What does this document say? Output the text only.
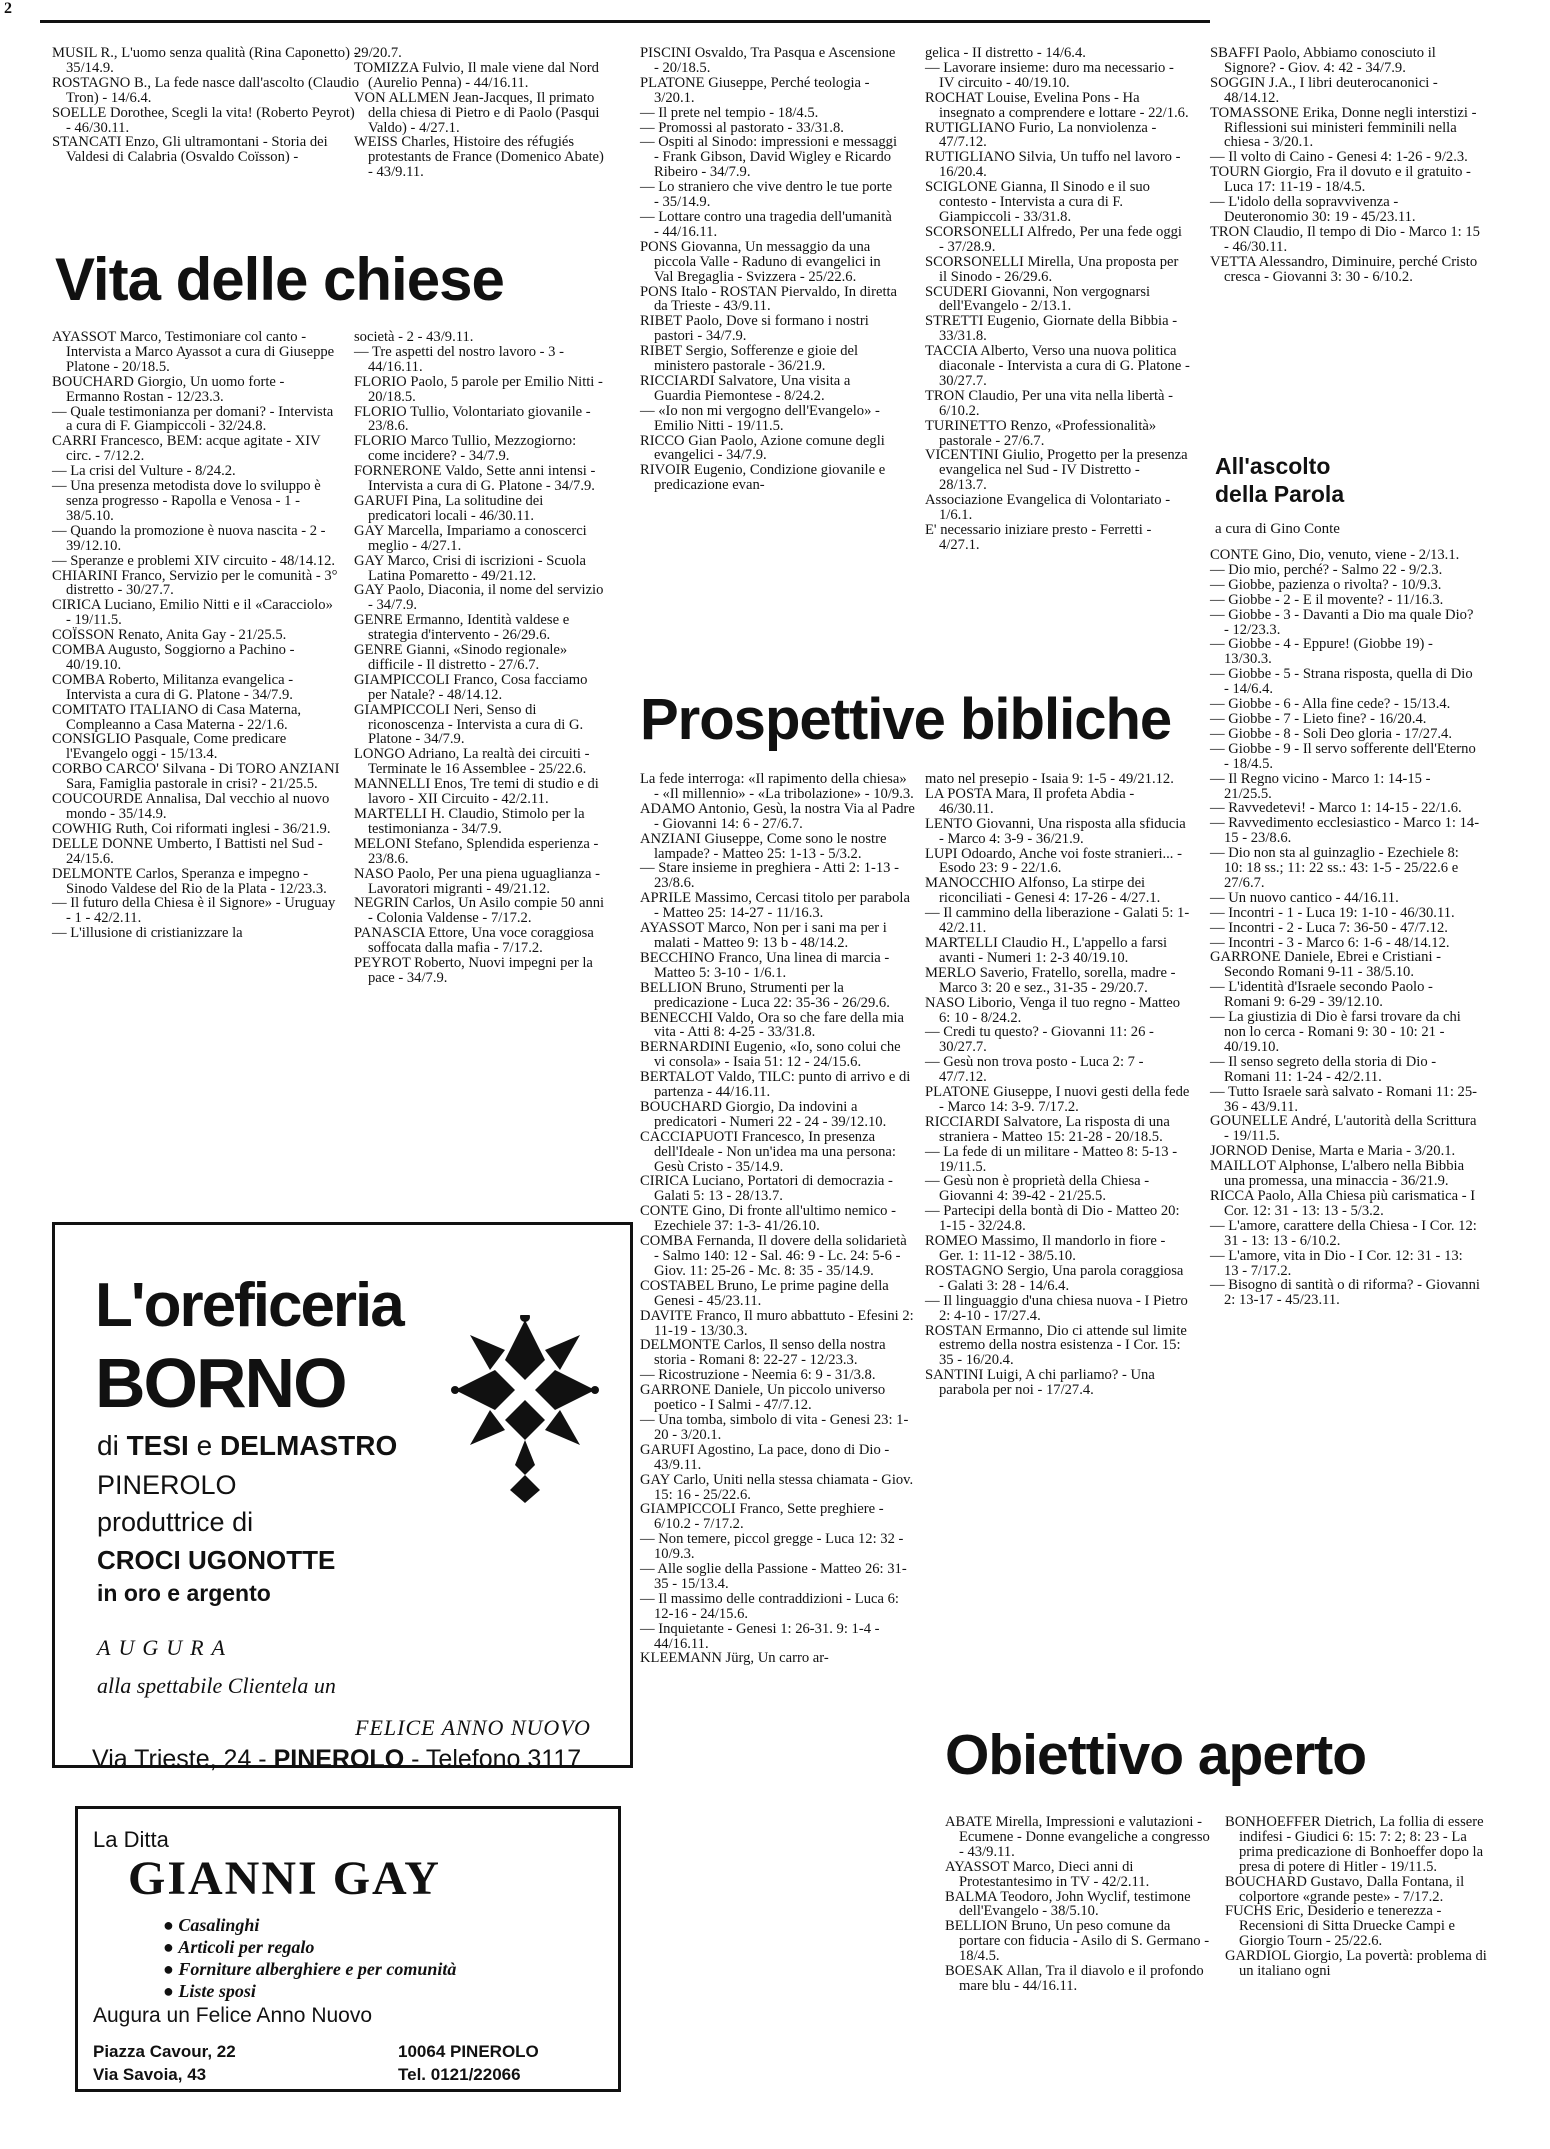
2

MUSIL R., L'uomo senza qualità (Rina Caponetto) - 35/14.9.

ROSTAGNO B., La fede nasce dall'ascolto (Claudio Tron) - 14/6.4.

SOELLE Dorothee, Scegli la vita! (Roberto Peyrot) - 46/30.11.

STANCATI Enzo, Gli ultramontani - Storia dei Valdesi di Calabria (Osvaldo Coïsson) -

29/20.7.

TOMIZZA Fulvio, Il male viene dal Nord (Aurelio Penna) - 44/16.11.

VON ALLMEN Jean-Jacques, Il primato della chiesa di Pietro e di Paolo (Pasqui Valdo) - 4/27.1.

WEISS Charles, Histoire des réfugiés protestants de France (Domenico Abate) - 43/9.11.

Vita delle chiese

AYASSOT Marco, Testimoniare col canto - Intervista a Marco Ayassot a cura di Giuseppe Platone - 20/18.5.

BOUCHARD Giorgio, Un uomo forte - Ermanno Rostan - 12/23.3.

— Quale testimonianza per domani? - Intervista a cura di F. Giampiccoli - 32/24.8.

CARRI Francesco, BEM: acque agitate - XIV circ. - 7/12.2.

— La crisi del Vulture - 8/24.2.

— Una presenza metodista dove lo sviluppo è senza progresso - Rapolla e Venosa - 1 - 38/5.10.

— Quando la promozione è nuova nascita - 2 - 39/12.10.

— Speranze e problemi XIV circuito - 48/14.12.

CHIARINI Franco, Servizio per le comunità - 3° distretto - 30/27.7.

CIRICA Luciano, Emilio Nitti e il «Caracciolo» - 19/11.5.

COÏSSON Renato, Anita Gay - 21/25.5.

COMBA Augusto, Soggiorno a Pachino - 40/19.10.

COMBA Roberto, Militanza evangelica - Intervista a cura di G. Platone - 34/7.9.

COMITATO ITALIANO di Casa Materna, Compleanno a Casa Materna - 22/1.6.

CONSIGLIO Pasquale, Come predicare l'Evangelo oggi - 15/13.4.

CORBO CARCO' Silvana - Di TORO ANZIANI Sara, Famiglia pastorale in crisi? - 21/25.5.

COUCOURDE Annalisa, Dal vecchio al nuovo mondo - 35/14.9.

COWHIG Ruth, Coi riformati inglesi - 36/21.9.

DELLE DONNE Umberto, I Battisti nel Sud - 24/15.6.

DELMONTE Carlos, Speranza e impegno - Sinodo Valdese del Rio de la Plata - 12/23.3.

— Il futuro della Chiesa è il Signore» - Uruguay - 1 - 42/2.11.

— L'illusione di cristianizzare la

società - 2 - 43/9.11.

— Tre aspetti del nostro lavoro - 3 - 44/16.11.

FLORIO Paolo, 5 parole per Emilio Nitti - 20/18.5.

FLORIO Tullio, Volontariato giovanile - 23/8.6.

FLORIO Marco Tullio, Mezzogiorno: come incidere? - 34/7.9.

FORNERONE Valdo, Sette anni intensi - Intervista a cura di G. Platone - 34/7.9.

GARUFI Pina, La solitudine dei predicatori locali - 46/30.11.

GAY Marcella, Impariamo a conoscerci meglio - 4/27.1.

GAY Marco, Crisi di iscrizioni - Scuola Latina Pomaretto - 49/21.12.

GAY Paolo, Diaconia, il nome del servizio - 34/7.9.

GENRE Ermanno, Identità valdese e strategia d'intervento - 26/29.6.

GENRE Gianni, «Sinodo regionale» difficile - Il distretto - 27/6.7.

GIAMPICCOLI Franco, Cosa facciamo per Natale? - 48/14.12.

GIAMPICCOLI Neri, Senso di riconoscenza - Intervista a cura di G. Platone - 34/7.9.

LONGO Adriano, La realtà dei circuiti - Terminate le 16 Assemblee - 25/22.6.

MANNELLI Enos, Tre temi di studio e di lavoro - XII Circuito - 42/2.11.

MARTELLI H. Claudio, Stimolo per la testimonianza - 34/7.9.

MELONI Stefano, Splendida esperienza - 23/8.6.

NASO Paolo, Per una piena uguaglianza - Lavoratori migranti - 49/21.12.

NEGRIN Carlos, Un Asilo compie 50 anni - Colonia Valdense - 7/17.2.

PANASCIA Ettore, Una voce coraggiosa soffocata dalla mafia - 7/17.2.

PEYROT Roberto, Nuovi impegni per la pace - 34/7.9.

L'oreficeria
BORNO
di TESI e DELMASTRO
PINEROLO
produttrice di
CROCI UGONOTTE
in oro e argento
AUGURA
alla spettabile Clientela un
FELICE ANNO NUOVO
Via Trieste, 24 - PINEROLO - Telefono 3117
La Ditta
GIANNI GAY
● Casalinghi
● Articoli per regalo
● Forniture alberghiere e per comunità
● Liste sposi
Augura un Felice Anno Nuovo
Piazza Cavour, 22
Via Savoia, 43
10064 PINEROLO
Tel. 0121/22066

PISCINI Osvaldo, Tra Pasqua e Ascensione - 20/18.5.

PLATONE Giuseppe, Perché teologia - 3/20.1.

— Il prete nel tempio - 18/4.5.

— Promossi al pastorato - 33/31.8.

— Ospiti al Sinodo: impressioni e messaggi - Frank Gibson, David Wigley e Ricardo Ribeiro - 34/7.9.

— Lo straniero che vive dentro le tue porte - 35/14.9.

— Lottare contro una tragedia dell'umanità - 44/16.11.

PONS Giovanna, Un messaggio da una piccola Valle - Raduno di evangelici in Val Bregaglia - Svizzera - 25/22.6.

PONS Italo - ROSTAN Piervaldo, In diretta da Trieste - 43/9.11.

RIBET Paolo, Dove si formano i nostri pastori - 34/7.9.

RIBET Sergio, Sofferenze e gioie del ministero pastorale - 36/21.9.

RICCIARDI Salvatore, Una visita a Guardia Piemontese - 8/24.2.

— «Io non mi vergogno dell'Evangelo» - Emilio Nitti - 19/11.5.

RICCO Gian Paolo, Azione comune degli evangelici - 34/7.9.

RIVOIR Eugenio, Condizione giovanile e predicazione evan-

gelica - II distretto - 14/6.4.

— Lavorare insieme: duro ma necessario - IV circuito - 40/19.10.

ROCHAT Louise, Evelina Pons - Ha insegnato a comprendere e lottare - 22/1.6.

RUTIGLIANO Furio, La nonviolenza - 47/7.12.

RUTIGLIANO Silvia, Un tuffo nel lavoro - 16/20.4.

SCIGLONE Gianna, Il Sinodo e il suo contesto - Intervista a cura di F. Giampiccoli - 33/31.8.

SCORSONELLI Alfredo, Per una fede oggi - 37/28.9.

SCORSONELLI Mirella, Una proposta per il Sinodo - 26/29.6.

SCUDERI Giovanni, Non vergognarsi dell'Evangelo - 2/13.1.

STRETTI Eugenio, Giornate della Bibbia - 33/31.8.

TACCIA Alberto, Verso una nuova politica diaconale - Intervista a cura di G. Platone - 30/27.7.

TRON Claudio, Per una vita nella libertà - 6/10.2.

TURINETTO Renzo, «Professionalità» pastorale - 27/6.7.

VICENTINI Giulio, Progetto per la presenza evangelica nel Sud - IV Distretto - 28/13.7.

Associazione Evangelica di Volontariato - 1/6.1.

E' necessario iniziare presto - Ferretti - 4/27.1.

Prospettive bibliche

La fede interroga: «Il rapimento della chiesa» - «Il millennio» - «La tribolazione» - 10/9.3.

ADAMO Antonio, Gesù, la nostra Via al Padre - Giovanni 14: 6 - 27/6.7.

ANZIANI Giuseppe, Come sono le nostre lampade? - Matteo 25: 1-13 - 5/3.2.

— Stare insieme in preghiera - Atti 2: 1-13 - 23/8.6.

APRILE Massimo, Cercasi titolo per parabola - Matteo 25: 14-27 - 11/16.3.

AYASSOT Marco, Non per i sani ma per i malati - Matteo 9: 13 b - 48/14.2.

BECCHINO Franco, Una linea di marcia - Matteo 5: 3-10 - 1/6.1.

BELLION Bruno, Strumenti per la predicazione - Luca 22: 35-36 - 26/29.6.

BENECCHI Valdo, Ora so che fare della mia vita - Atti 8: 4-25 - 33/31.8.

BERNARDINI Eugenio, «Io, sono colui che vi consola» - Isaia 51: 12 - 24/15.6.

BERTALOT Valdo, TILC: punto di arrivo e di partenza - 44/16.11.

BOUCHARD Giorgio, Da indovini a predicatori - Numeri 22 - 24 - 39/12.10.

CACCIAPUOTI Francesco, In presenza dell'Ideale - Non un'idea ma una persona: Gesù Cristo - 35/14.9.

CIRICA Luciano, Portatori di democrazia - Galati 5: 13 - 28/13.7.

CONTE Gino, Di fronte all'ultimo nemico - Ezechiele 37: 1-3- 41/26.10.

COMBA Fernanda, Il dovere della solidarietà - Salmo 140: 12 - Sal. 46: 9 - Lc. 24: 5-6 - Giov. 11: 25-26 - Mc. 8: 35 - 35/14.9.

COSTABEL Bruno, Le prime pagine della Genesi - 45/23.11.

DAVITE Franco, Il muro abbattuto - Efesini 2: 11-19 - 13/30.3.

DELMONTE Carlos, Il senso della nostra storia - Romani 8: 22-27 - 12/23.3.

— Ricostruzione - Neemia 6: 9 - 31/3.8.

GARRONE Daniele, Un piccolo universo poetico - I Salmi - 47/7.12.

— Una tomba, simbolo di vita - Genesi 23: 1-20 - 3/20.1.

GARUFI Agostino, La pace, dono di Dio - 43/9.11.

GAY Carlo, Uniti nella stessa chiamata - Giov. 15: 16 - 25/22.6.

GIAMPICCOLI Franco, Sette preghiere - 6/10.2 - 7/17.2.

— Non temere, piccol gregge - Luca 12: 32 - 10/9.3.

— Alle soglie della Passione - Matteo 26: 31-35 - 15/13.4.

— Il massimo delle contraddizioni - Luca 6: 12-16 - 24/15.6.

— Inquietante - Genesi 1: 26-31. 9: 1-4 - 44/16.11.

KLEEMANN Jürg, Un carro ar-

mato nel presepio - Isaia 9: 1-5 - 49/21.12.

LA POSTA Mara, Il profeta Abdia - 46/30.11.

LENTO Giovanni, Una risposta alla sfiducia - Marco 4: 3-9 - 36/21.9.

LUPI Odoardo, Anche voi foste stranieri... - Esodo 23: 9 - 22/1.6.

MANOCCHIO Alfonso, La stirpe dei riconciliati - Genesi 4: 17-26 - 4/27.1.

— Il cammino della liberazione - Galati 5: 1- 42/2.11.

MARTELLI Claudio H., L'appello a farsi avanti - Numeri 1: 2-3 40/19.10.

MERLO Saverio, Fratello, sorella, madre - Marco 3: 20 e sez., 31-35 - 29/20.7.

NASO Liborio, Venga il tuo regno - Matteo 6: 10 - 8/24.2.

— Credi tu questo? - Giovanni 11: 26 - 30/27.7.

— Gesù non trova posto - Luca 2: 7 - 47/7.12.

PLATONE Giuseppe, I nuovi gesti della fede - Marco 14: 3-9. 7/17.2.

RICCIARDI Salvatore, La risposta di una straniera - Matteo 15: 21-28 - 20/18.5.

— La fede di un militare - Matteo 8: 5-13 - 19/11.5.

— Gesù non è proprietà della Chiesa - Giovanni 4: 39-42 - 21/25.5.

— Partecipi della bontà di Dio - Matteo 20: 1-15 - 32/24.8.

ROMEO Massimo, Il mandorlo in fiore - Ger. 1: 11-12 - 38/5.10.

ROSTAGNO Sergio, Una parola coraggiosa - Galati 3: 28 - 14/6.4.

— Il linguaggio d'una chiesa nuova - I Pietro 2: 4-10 - 17/27.4.

ROSTAN Ermanno, Dio ci attende sul limite estremo della nostra esistenza - I Cor. 15: 35 - 16/20.4.

SANTINI Luigi, A chi parliamo? - Una parabola per noi - 17/27.4.

Obiettivo aperto

ABATE Mirella, Impressioni e valutazioni - Ecumene - Donne evangeliche a congresso - 43/9.11.

AYASSOT Marco, Dieci anni di Protestantesimo in TV - 42/2.11.

BALMA Teodoro, John Wyclif, testimone dell'Evangelo - 38/5.10.

BELLION Bruno, Un peso comune da portare con fiducia - Asilo di S. Germano - 18/4.5.

BOESAK Allan, Tra il diavolo e il profondo mare blu - 44/16.11.

BONHOEFFER Dietrich, La follia di essere indifesi - Giudici 6: 15: 7: 2; 8: 23 - La prima predicazione di Bonhoeffer dopo la presa di potere di Hitler - 19/11.5.

BOUCHARD Gustavo, Dalla Fontana, il colportore «grande peste» - 7/17.2.

FUCHS Eric, Desiderio e tenerezza - Recensioni di Sitta Druecke Campi e Giorgio Tourn - 25/22.6.

GARDIOL Giorgio, La povertà: problema di un italiano ogni

SBAFFI Paolo, Abbiamo conosciuto il Signore? - Giov. 4: 42 - 34/7.9.

SOGGIN J.A., I libri deuterocanonici - 48/14.12.

TOMASSONE Erika, Donne negli interstizi - Riflessioni sui ministeri femminili nella chiesa - 3/20.1.

— Il volto di Caino - Genesi 4: 1-26 - 9/2.3.

TOURN Giorgio, Fra il dovuto e il gratuito - Luca 17: 11-19 - 18/4.5.

— L'idolo della sopravvivenza - Deuteronomio 30: 19 - 45/23.11.

TRON Claudio, Il tempo di Dio - Marco 1: 15 - 46/30.11.

VETTA Alessandro, Diminuire, perché Cristo cresca - Giovanni 3: 30 - 6/10.2.

All'ascolto
della Parola
a cura di Gino Conte

CONTE Gino, Dio, venuto, viene - 2/13.1.

— Dio mio, perché? - Salmo 22 - 9/2.3.

— Giobbe, pazienza o rivolta? - 10/9.3.

— Giobbe - 2 - E il movente? - 11/16.3.

— Giobbe - 3 - Davanti a Dio ma quale Dio? - 12/23.3.

— Giobbe - 4 - Eppure! (Giobbe 19) - 13/30.3.

— Giobbe - 5 - Strana risposta, quella di Dio - 14/6.4.

— Giobbe - 6 - Alla fine cede? - 15/13.4.

— Giobbe - 7 - Lieto fine? - 16/20.4.

— Giobbe - 8 - Soli Deo gloria - 17/27.4.

— Giobbe - 9 - Il servo sofferente dell'Eterno - 18/4.5.

— Il Regno vicino - Marco 1: 14-15 - 21/25.5.

— Ravvedetevi! - Marco 1: 14-15 - 22/1.6.

— Ravvedimento ecclesiastico - Marco 1: 14-15 - 23/8.6.

— Dio non sta al guinzaglio - Ezechiele 8: 10: 18 ss.; 11: 22 ss.: 43: 1-5 - 25/22.6 e 27/6.7.

— Un nuovo cantico - 44/16.11.

— Incontri - 1 - Luca 19: 1-10 - 46/30.11.

— Incontri - 2 - Luca 7: 36-50 - 47/7.12.

— Incontri - 3 - Marco 6: 1-6 - 48/14.12.

GARRONE Daniele, Ebrei e Cristiani - Secondo Romani 9-11 - 38/5.10.

— L'identità d'Israele secondo Paolo - Romani 9: 6-29 - 39/12.10.

— La giustizia di Dio è farsi trovare da chi non lo cerca - Romani 9: 30 - 10: 21 - 40/19.10.

— Il senso segreto della storia di Dio - Romani 11: 1-24 - 42/2.11.

— Tutto Israele sarà salvato - Romani 11: 25-36 - 43/9.11.

GOUNELLE André, L'autorità della Scrittura - 19/11.5.

JORNOD Denise, Marta e Maria - 3/20.1.

MAILLOT Alphonse, L'albero nella Bibbia una promessa, una minaccia - 36/21.9.

RICCA Paolo, Alla Chiesa più carismatica - I Cor. 12: 31 - 13: 13 - 5/3.2.

— L'amore, carattere della Chiesa - I Cor. 12: 31 - 13: 13 - 6/10.2.

— L'amore, vita in Dio - I Cor. 12: 31 - 13: 13 - 7/17.2.

— Bisogno di santità o di riforma? - Giovanni 2: 13-17 - 45/23.11.
